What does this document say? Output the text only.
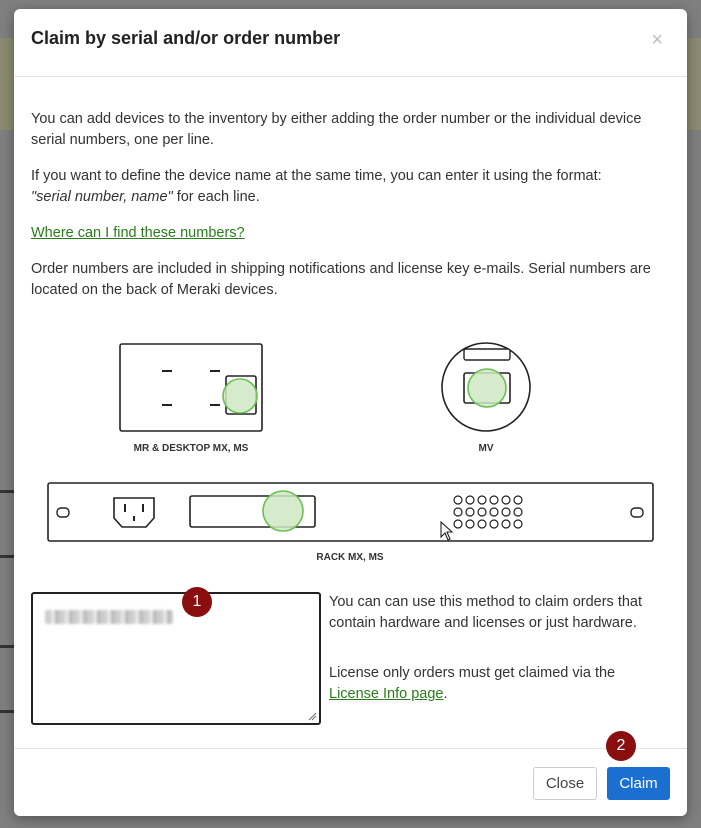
Claim by serial and/or order number	×

You can add devices to the inventory by either adding the order number or the individual device serial numbers, one per line.

If you want to define the device name at the same time, you can enter it using the format:
"serial number, name" for each line.

Where can I find these numbers?

Order numbers are included in shipping notifications and license key e-mails. Serial numbers are located on the back of Meraki devices.

MR & DESKTOP MX, MS	MV
RACK MX, MS
1	You can can use this method to claim orders that contain hardware and licenses or just hardware.

License only orders must get claimed via the License Info page.

Close	Claim
2
